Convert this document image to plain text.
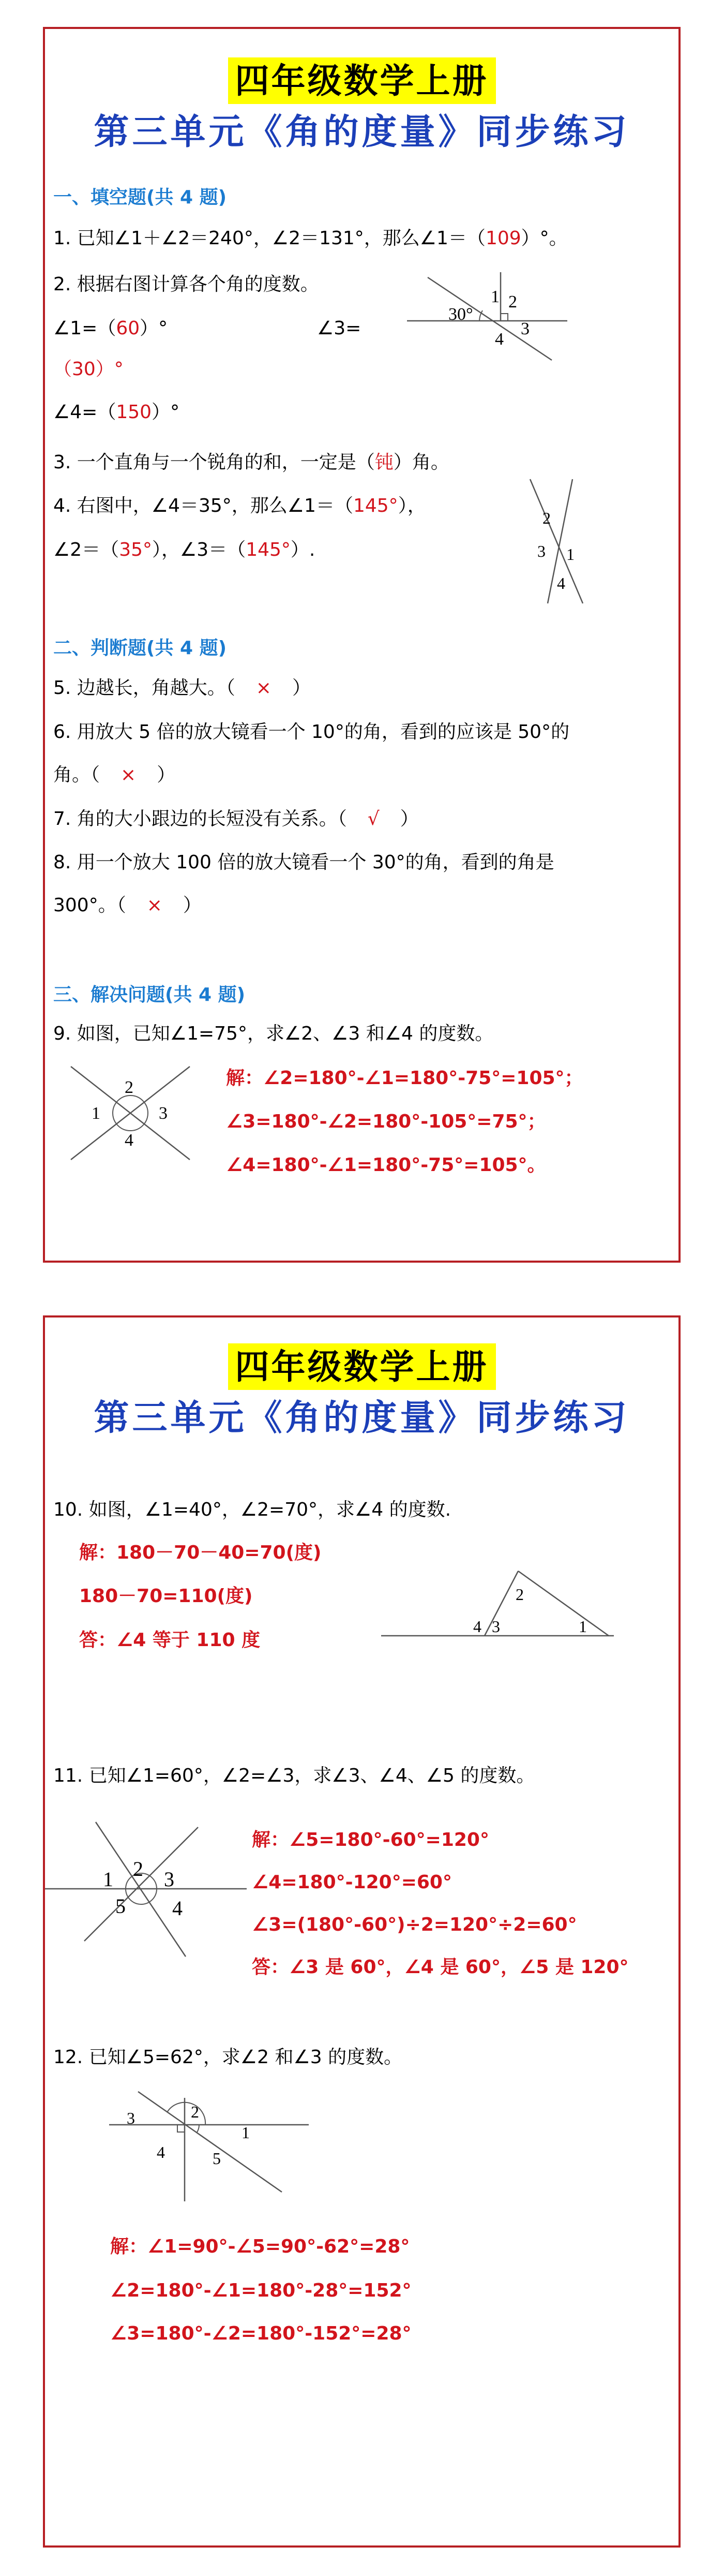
四年级数学上册
第三单元《角的度量》同步练习
一、填空题(共 4 题)
1. 已知∠1＋∠2＝240°，∠2＝131°，那么∠1＝（109）°。
2. 根据右图计算各个角的度数。
∠1=（60）°	∠3=
（30）°
∠4=（150）°
30°
1 2
3
4
3. 一个直角与一个锐角的和，一定是（钝）角。
4. 右图中，∠4＝35°，那么∠1＝（145°），
∠2＝（35°），∠3＝（145°）.
2
3 1
4
二、判断题(共 4 题)
5. 边越长，角越大。（ × ）
6. 用放大 5 倍的放大镜看一个 10°的角，看到的应该是 50°的
角。（ × ）
7. 角的大小跟边的长短没有关系。（ √ ）
8. 用一个放大 100 倍的放大镜看一个 30°的角，看到的角是
300°。（ × ）
三、解决问题(共 4 题)
9. 如图，已知∠1=75°，求∠2、∠3 和∠4 的度数。
1
2
3
4
解：∠2=180°-∠1=180°-75°=105°；
∠3=180°-∠2=180°-105°=75°；
∠4=180°-∠1=180°-75°=105°。
四年级数学上册
第三单元《角的度量》同步练习
10. 如图，∠1=40°，∠2=70°，求∠4 的度数.
解：180－70－40=70(度)
180－70=110(度)
答：∠4 等于 110 度
2
4 3	1
11. 已知∠1=60°，∠2=∠3，求∠3、∠4、∠5 的度数。
1 2 3
5 4
解：∠5=180°-60°=120°
∠4=180°-120°=60°
∠3=(180°-60°)÷2=120°÷2=60°
答：∠3 是 60°，∠4 是 60°，∠5 是 120°
12. 已知∠5=62°，求∠2 和∠3 的度数。
3	2
1
4	5
解：∠1=90°-∠5=90°-62°=28°
∠2=180°-∠1=180°-28°=152°
∠3=180°-∠2=180°-152°=28°
